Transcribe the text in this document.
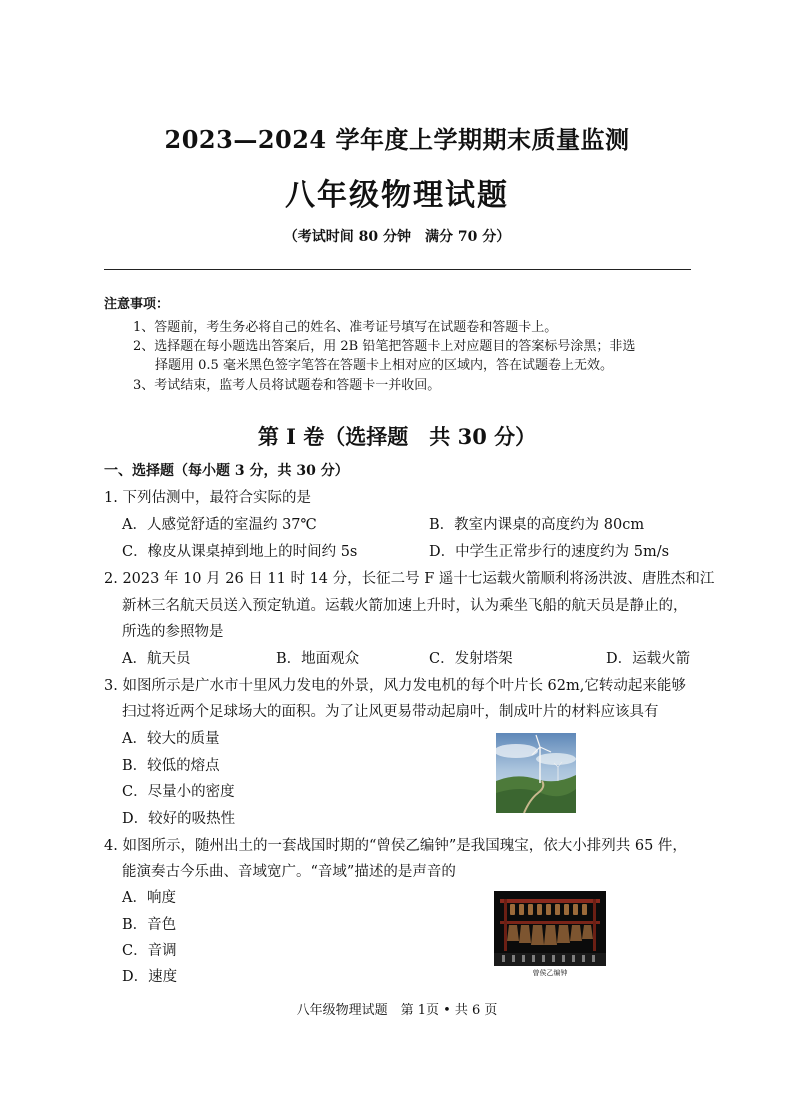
2023—2024 学年度上学期期末质量监测
八年级物理试题
（考试时间 80 分钟　满分 70 分）
注意事项：
1、答题前，考生务必将自己的姓名、准考证号填写在试题卷和答题卡上。
2、选择题在每小题选出答案后，用 2B 铅笔把答题卡上对应题目的答案标号涂黑；非选
择题用 0.5 毫米黑色签字笔答在答题卡上相对应的区域内，答在试题卷上无效。
3、考试结束，监考人员将试题卷和答题卡一并收回。
第 I 卷（选择题　共 30 分）
一、选择题（每小题 3 分，共 30 分）
1. 下列估测中，最符合实际的是
A．人感觉舒适的室温约 37℃	B．教室内课桌的高度约为 80cm
C．橡皮从课桌掉到地上的时间约 5s	D．中学生正常步行的速度约为 5m/s
2. 2023 年 10 月 26 日 11 时 14 分，长征二号 F 遥十七运载火箭顺利将汤洪波、唐胜杰和江
新林三名航天员送入预定轨道。运载火箭加速上升时，认为乘坐飞船的航天员是静止的，
所选的参照物是
A．航天员	B．地面观众	C．发射塔架	D．运载火箭
3. 如图所示是广水市十里风力发电的外景，风力发电机的每个叶片长 62m,它转动起来能够
扫过将近两个足球场大的面积。为了让风更易带动起扇叶，制成叶片的材料应该具有
A．较大的质量
B．较低的熔点
C．尽量小的密度
D．较好的吸热性
4. 如图所示，随州出土的一套战国时期的“曾侯乙编钟”是我国瑰宝，依大小排列共 65 件，
能演奏古今乐曲、音域宽广。“音域”描述的是声音的
A．响度
B．音色
C．音调
D．速度	曾侯乙编钟
八年级物理试题　第 1页 • 共 6 页
